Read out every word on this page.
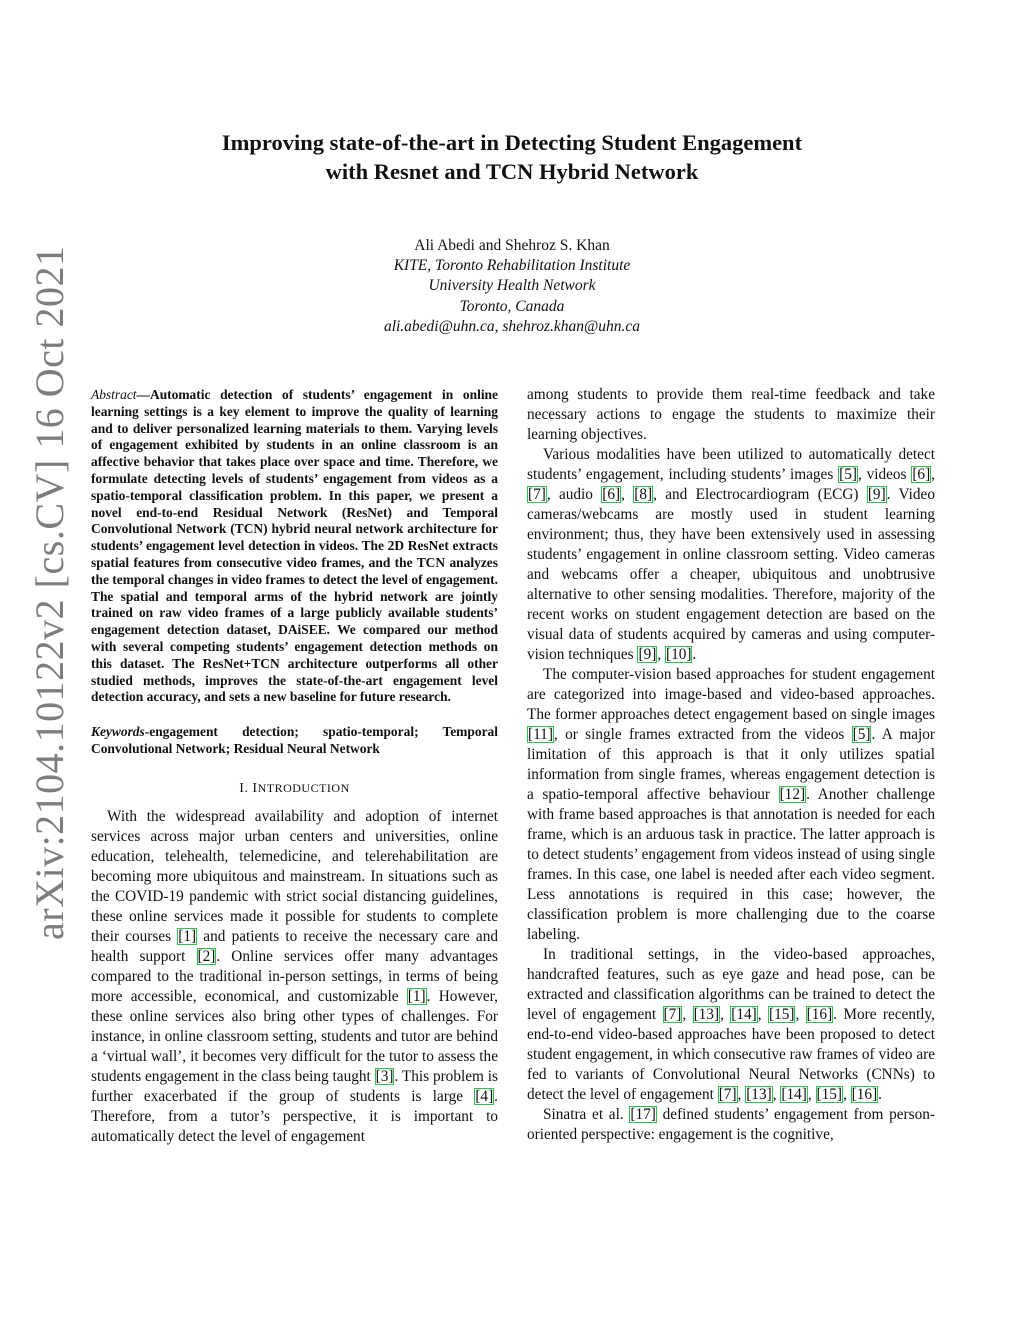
arXiv:2104.10122v2 [cs.CV] 16 Oct 2021
Improving state-of-the-art in Detecting Student Engagement
with Resnet and TCN Hybrid Network
Ali Abedi and Shehroz S. Khan
KITE, Toronto Rehabilitation Institute
University Health Network
Toronto, Canada
ali.abedi@uhn.ca, shehroz.khan@uhn.ca

Abstract—Automatic detection of students’ engagement in online learning settings is a key element to improve the quality of learning and to deliver personalized learning materials to them. Varying levels of engagement exhibited by students in an online classroom is an affective behavior that takes place over space and time. Therefore, we formulate detecting levels of students’ engagement from videos as a spatio-temporal classification problem. In this paper, we present a novel end-to-end Residual Network (ResNet) and Temporal Convolutional Network (TCN) hybrid neural network architecture for students’ engagement level detection in videos. The 2D ResNet extracts spatial features from consecutive video frames, and the TCN analyzes the temporal changes in video frames to detect the level of engagement. The spatial and temporal arms of the hybrid network are jointly trained on raw video frames of a large publicly available students’ engagement detection dataset, DAiSEE. We compared our method with several competing students’ engagement detection methods on this dataset. The ResNet+TCN architecture outperforms all other studied methods, improves the state-of-the-art engagement level detection accuracy, and sets a new baseline for future research.

Keywords-engagement detection; spatio-temporal; Temporal Convolutional Network; Residual Neural Network

I. INTRODUCTION

With the widespread availability and adoption of internet services across major urban centers and universities, online education, telehealth, telemedicine, and telerehabilitation are becoming more ubiquitous and mainstream. In situations such as the COVID-19 pandemic with strict social distancing guidelines, these online services made it possible for students to complete their courses [1] and patients to receive the necessary care and health support [2]. Online services offer many advantages compared to the traditional in-person settings, in terms of being more accessible, economical, and customizable [1]. However, these online services also bring other types of challenges. For instance, in online classroom setting, students and tutor are behind a ‘virtual wall’, it becomes very difficult for the tutor to assess the students engagement in the class being taught [3]. This problem is further exacerbated if the group of students is large [4]. Therefore, from a tutor’s perspective, it is important to automatically detect the level of engagement

among students to provide them real-time feedback and take necessary actions to engage the students to maximize their learning objectives.

Various modalities have been utilized to automatically detect students’ engagement, including students’ images [5], videos [6], [7], audio [6], [8], and Electrocardiogram (ECG) [9]. Video cameras/webcams are mostly used in student learning environment; thus, they have been extensively used in assessing students’ engagement in online classroom setting. Video cameras and webcams offer a cheaper, ubiquitous and unobtrusive alternative to other sensing modalities. Therefore, majority of the recent works on student engagement detection are based on the visual data of students acquired by cameras and using computer-vision techniques [9], [10].

The computer-vision based approaches for student engagement are categorized into image-based and video-based approaches. The former approaches detect engagement based on single images [11], or single frames extracted from the videos [5]. A major limitation of this approach is that it only utilizes spatial information from single frames, whereas engagement detection is a spatio-temporal affective behaviour [12]. Another challenge with frame based approaches is that annotation is needed for each frame, which is an arduous task in practice. The latter approach is to detect students’ engagement from videos instead of using single frames. In this case, one label is needed after each video segment. Less annotations is required in this case; however, the classification problem is more challenging due to the coarse labeling.

In traditional settings, in the video-based approaches, handcrafted features, such as eye gaze and head pose, can be extracted and classification algorithms can be trained to detect the level of engagement [7], [13], [14], [15], [16]. More recently, end-to-end video-based approaches have been proposed to detect student engagement, in which consecutive raw frames of video are fed to variants of Convolutional Neural Networks (CNNs) to detect the level of engagement [7], [13], [14], [15], [16].

Sinatra et al. [17] defined students’ engagement from person-oriented perspective: engagement is the cognitive,
